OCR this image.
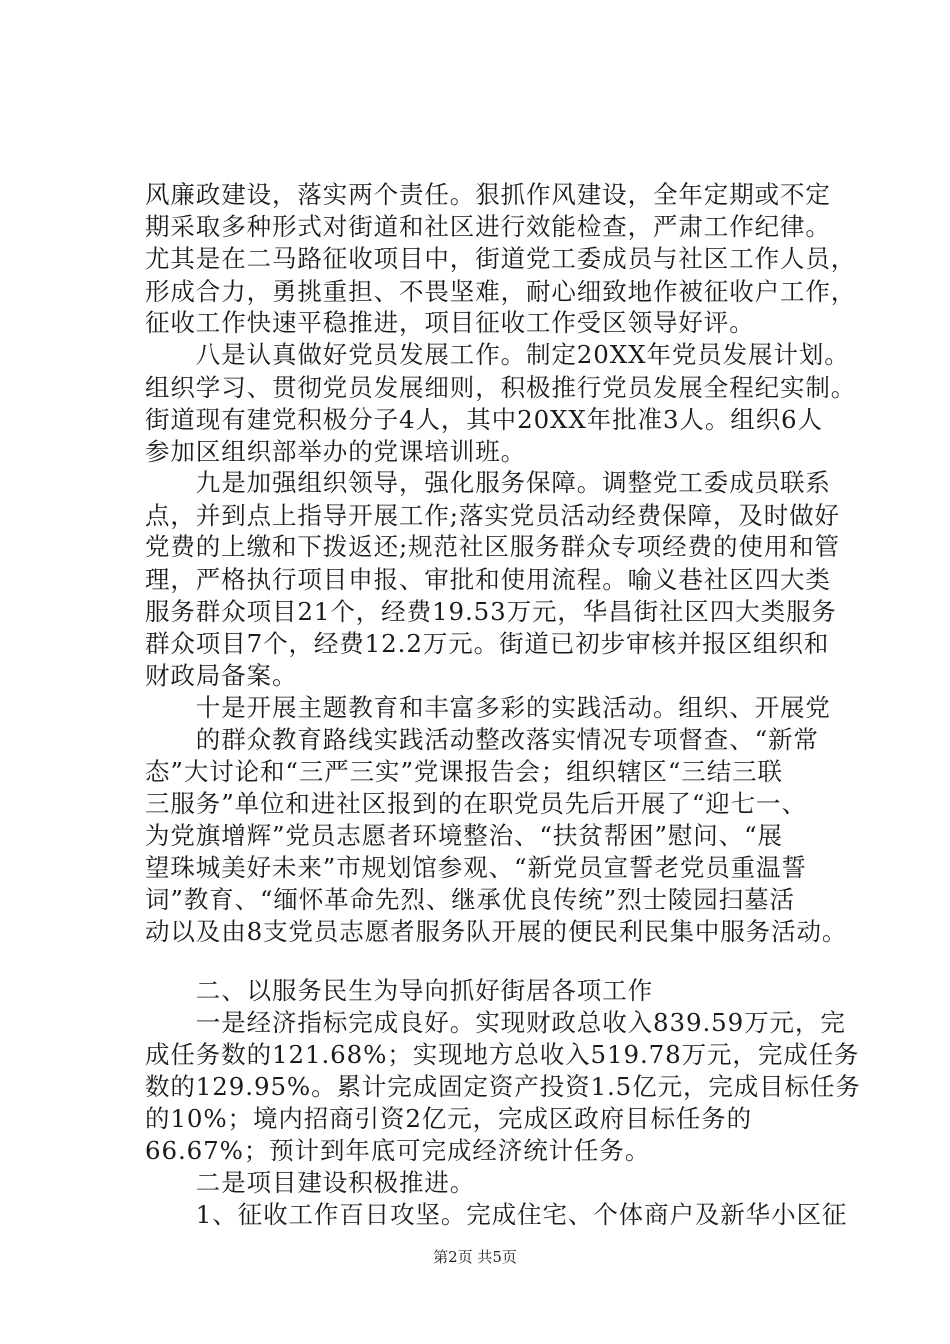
风廉政建设，落实两个责任。狠抓作风建设，全年定期或不定
期采取多种形式对街道和社区进行效能检查，严肃工作纪律。
尤其是在二马路征收项目中，街道党工委成员与社区工作人员，
形成合力，勇挑重担、不畏坚难，耐心细致地作被征收户工作，
征收工作快速平稳推进，项目征收工作受区领导好评。
　　八是认真做好党员发展工作。制定20XX年党员发展计划。
组织学习、贯彻党员发展细则，积极推行党员发展全程纪实制。
街道现有建党积极分子4人，其中20XX年批准3人。组织6人
参加区组织部举办的党课培训班。
　　九是加强组织领导，强化服务保障。调整党工委成员联系
点，并到点上指导开展工作;落实党员活动经费保障，及时做好
党费的上缴和下拨返还;规范社区服务群众专项经费的使用和管
理，严格执行项目申报、审批和使用流程。喻义巷社区四大类
服务群众项目21个，经费19.53万元，华昌街社区四大类服务
群众项目7个，经费12.2万元。街道已初步审核并报区组织和
财政局备案。
　　十是开展主题教育和丰富多彩的实践活动。组织、开展党
　　的群众教育路线实践活动整改落实情况专项督查、“新常
态”大讨论和“三严三实”党课报告会；组织辖区“三结三联
三服务”单位和进社区报到的在职党员先后开展了“迎七一、
为党旗增辉”党员志愿者环境整治、“扶贫帮困”慰问、“展
望珠城美好未来”市规划馆参观、“新党员宣誓老党员重温誓
词”教育、“缅怀革命先烈、继承优良传统”烈士陵园扫墓活
动以及由8支党员志愿者服务队开展的便民利民集中服务活动。
　　二、以服务民生为导向抓好街居各项工作
　　一是经济指标完成良好。实现财政总收入839.59万元，完
成任务数的121.68%；实现地方总收入519.78万元，完成任务
数的129.95%。累计完成固定资产投资1.5亿元，完成目标任务
的10%；境内招商引资2亿元，完成区政府目标任务的
66.67%；预计到年底可完成经济统计任务。
　　二是项目建设积极推进。
　　1、征收工作百日攻坚。完成住宅、个体商户及新华小区征
第2页 共5页
